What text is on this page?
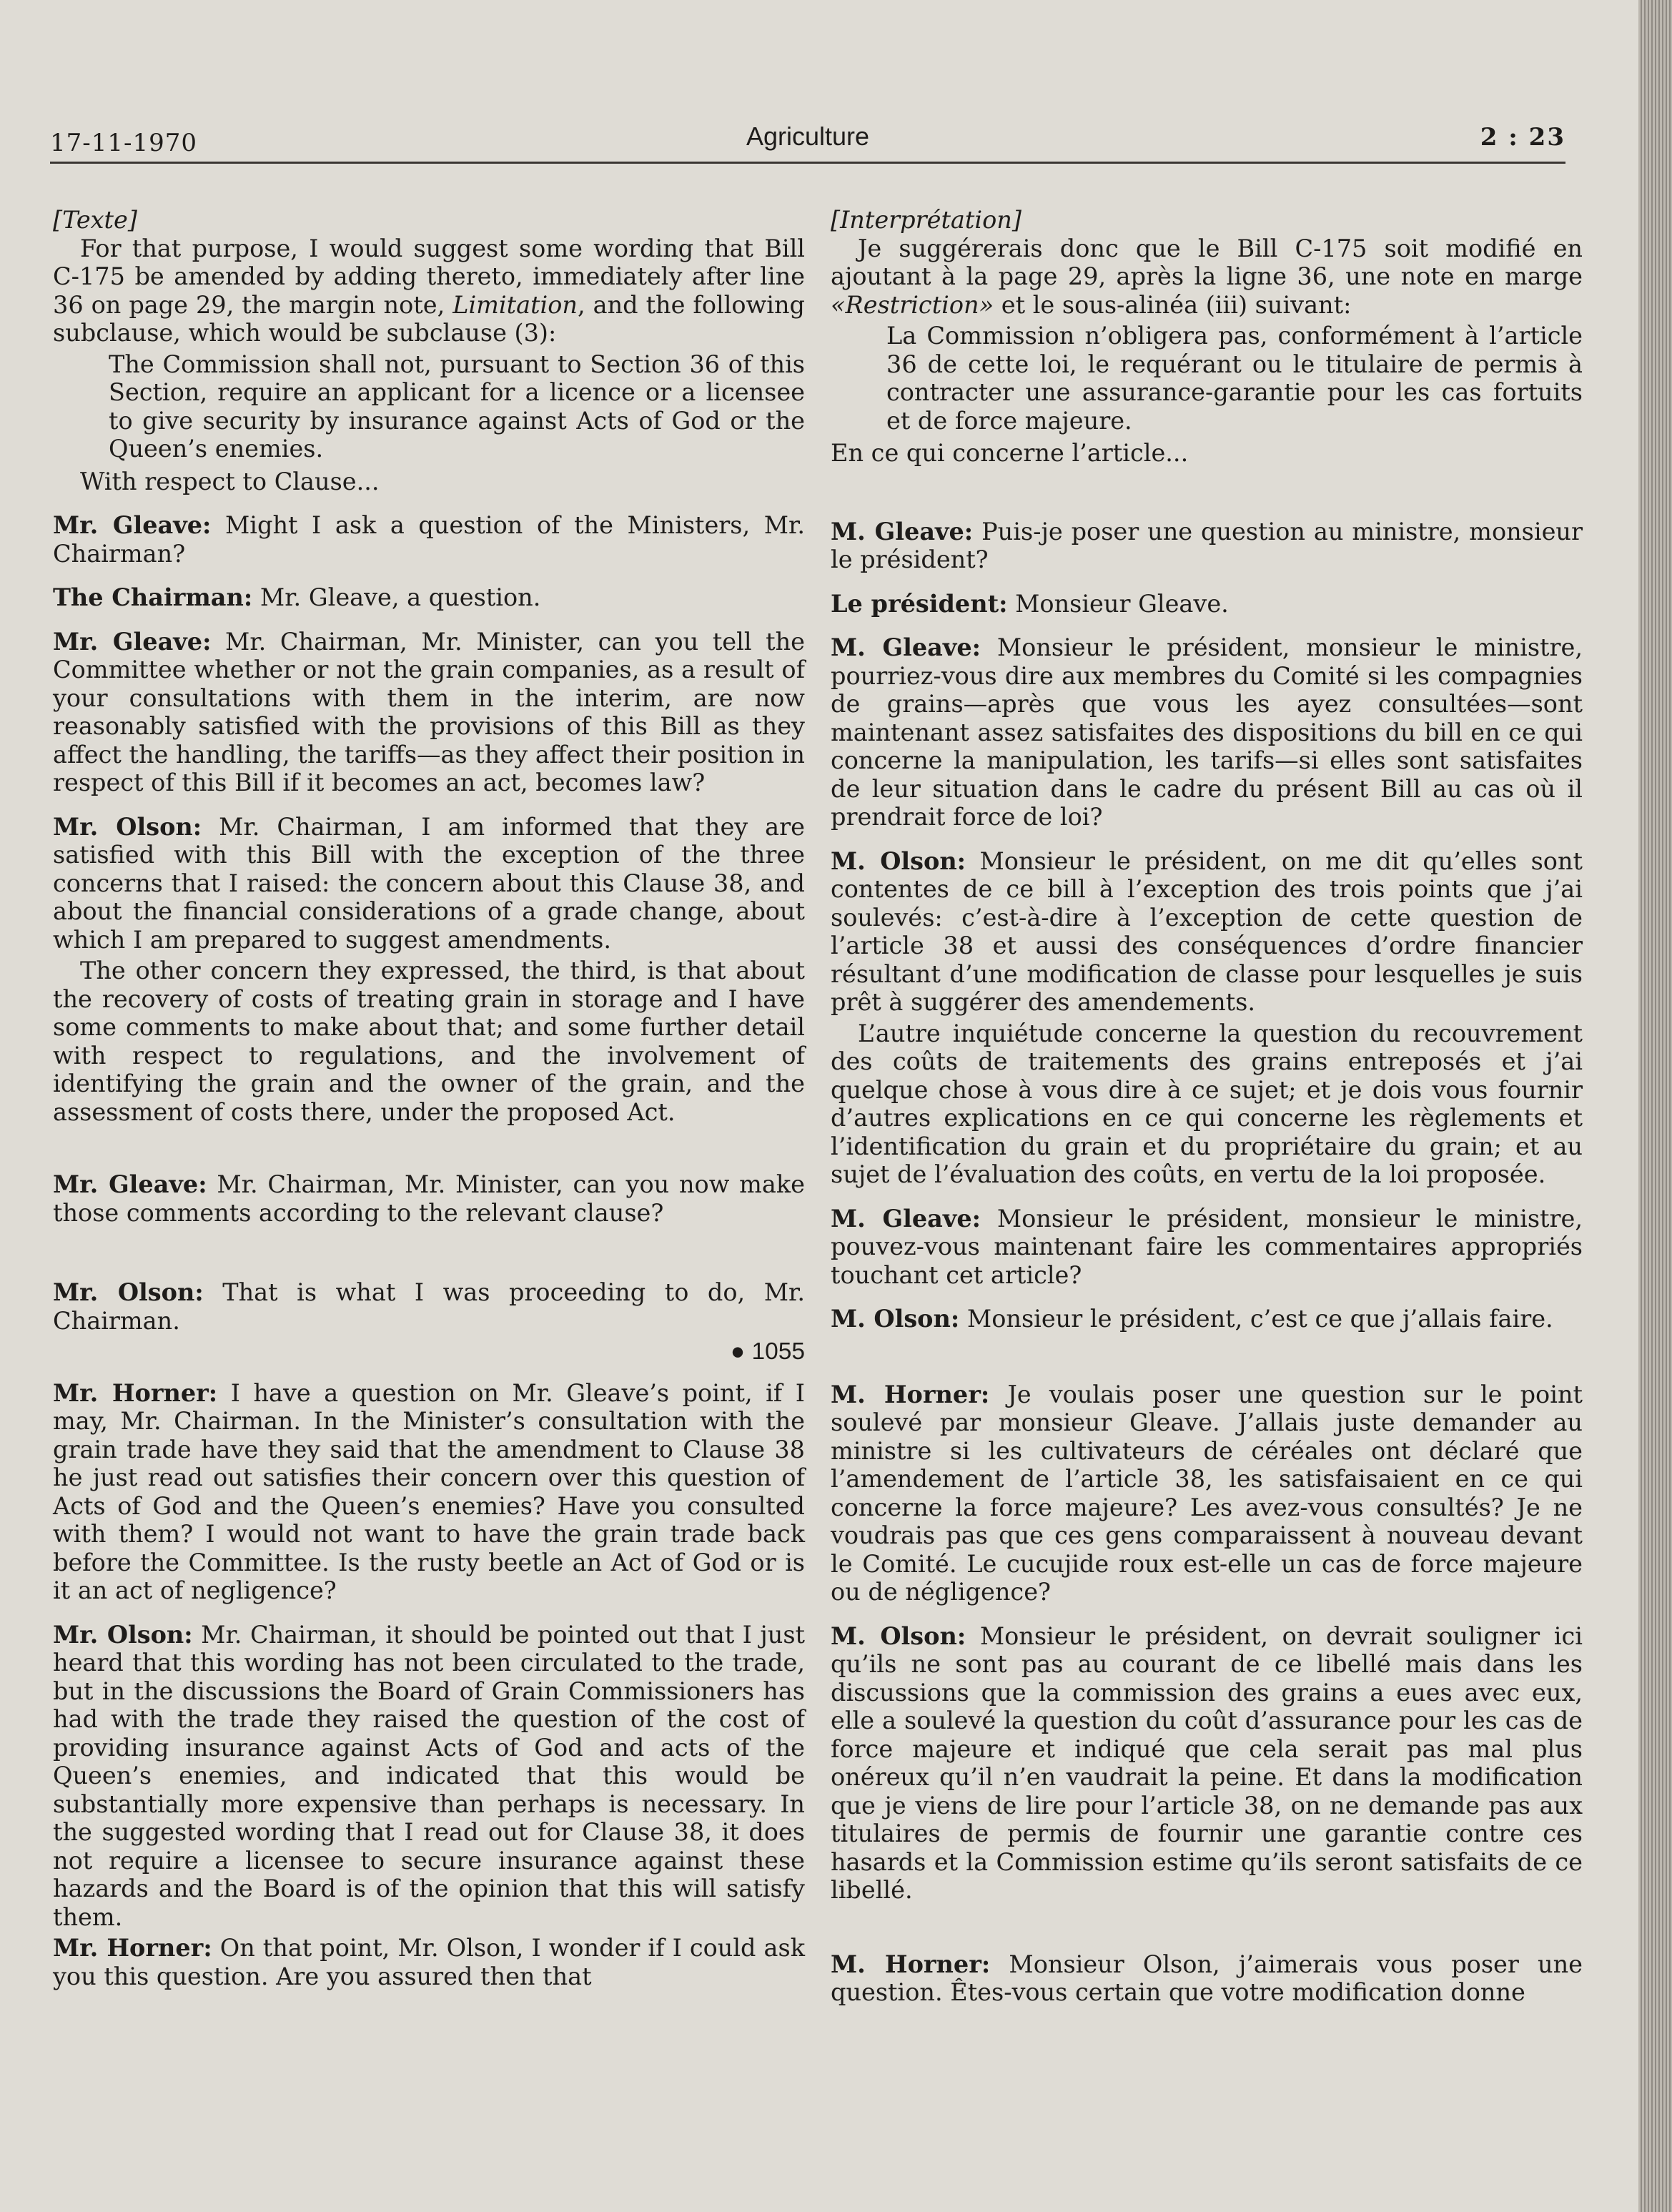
17-11-1970	Agriculture	2 : 23

[Texte]

For that purpose, I would suggest some wording that Bill C-175 be amended by adding thereto, immediately after line 36 on page 29, the margin note, Limitation, and the following subclause, which would be subclause (3):

The Commission shall not, pursuant to Section 36 of this Section, require an applicant for a licence or a licensee to give security by insurance against Acts of God or the Queen’s enemies.

With respect to Clause...

Mr. Gleave: Might I ask a question of the Ministers, Mr. Chairman?

The Chairman: Mr. Gleave, a question.

Mr. Gleave: Mr. Chairman, Mr. Minister, can you tell the Committee whether or not the grain companies, as a result of your consultations with them in the interim, are now reasonably satisfied with the provisions of this Bill as they affect the handling, the tariffs—as they affect their position in respect of this Bill if it becomes an act, becomes law?

Mr. Olson: Mr. Chairman, I am informed that they are satisfied with this Bill with the exception of the three concerns that I raised: the concern about this Clause 38, and about the financial considerations of a grade change, about which I am prepared to suggest amendments.

The other concern they expressed, the third, is that about the recovery of costs of treating grain in storage and I have some comments to make about that; and some further detail with respect to regulations, and the involvement of identifying the grain and the owner of the grain, and the assessment of costs there, under the proposed Act.

Mr. Gleave: Mr. Chairman, Mr. Minister, can you now make those comments according to the relevant clause?

Mr. Olson: That is what I was proceeding to do, Mr. Chairman.

● 1055

Mr. Horner: I have a question on Mr. Gleave’s point, if I may, Mr. Chairman. In the Minister’s consultation with the grain trade have they said that the amendment to Clause 38 he just read out satisfies their concern over this question of Acts of God and the Queen’s enemies? Have you consulted with them? I would not want to have the grain trade back before the Committee. Is the rusty beetle an Act of God or is it an act of negligence?

Mr. Olson: Mr. Chairman, it should be pointed out that I just heard that this wording has not been circulated to the trade, but in the discussions the Board of Grain Commissioners has had with the trade they raised the question of the cost of providing insurance against Acts of God and acts of the Queen’s enemies, and indicated that this would be substantially more expensive than perhaps is necessary. In the suggested wording that I read out for Clause 38, it does not require a licensee to secure insurance against these hazards and the Board is of the opinion that this will satisfy them.

Mr. Horner: On that point, Mr. Olson, I wonder if I could ask you this question. Are you assured then that

[Interprétation]

Je suggérerais donc que le Bill C-175 soit modifié en ajoutant à la page 29, après la ligne 36, une note en marge «Restriction» et le sous-alinéa (iii) suivant:

La Commission n’obligera pas, conformément à l’article 36 de cette loi, le requérant ou le titulaire de permis à contracter une assurance-garantie pour les cas fortuits et de force majeure.

En ce qui concerne l’article...

M. Gleave: Puis-je poser une question au ministre, monsieur le président?

Le président: Monsieur Gleave.

M. Gleave: Monsieur le président, monsieur le ministre, pourriez-vous dire aux membres du Comité si les compagnies de grains—après que vous les ayez consultées—sont maintenant assez satisfaites des dispositions du bill en ce qui concerne la manipulation, les tarifs—si elles sont satisfaites de leur situation dans le cadre du présent Bill au cas où il prendrait force de loi?

M. Olson: Monsieur le président, on me dit qu’elles sont contentes de ce bill à l’exception des trois points que j’ai soulevés: c’est-à-dire à l’exception de cette question de l’article 38 et aussi des conséquences d’ordre financier résultant d’une modification de classe pour lesquelles je suis prêt à suggérer des amendements.

L’autre inquiétude concerne la question du recouvrement des coûts de traitements des grains entreposés et j’ai quelque chose à vous dire à ce sujet; et je dois vous fournir d’autres explications en ce qui concerne les règlements et l’identification du grain et du propriétaire du grain; et au sujet de l’évaluation des coûts, en vertu de la loi proposée.

M. Gleave: Monsieur le président, monsieur le ministre, pouvez-vous maintenant faire les commentaires appropriés touchant cet article?

M. Olson: Monsieur le président, c’est ce que j’allais faire.

M. Horner: Je voulais poser une question sur le point soulevé par monsieur Gleave. J’allais juste demander au ministre si les cultivateurs de céréales ont déclaré que l’amendement de l’article 38, les satisfaisaient en ce qui concerne la force majeure? Les avez-vous consultés? Je ne voudrais pas que ces gens comparaissent à nouveau devant le Comité. Le cucujide roux est-elle un cas de force majeure ou de négligence?

M. Olson: Monsieur le président, on devrait souligner ici qu’ils ne sont pas au courant de ce libellé mais dans les discussions que la commission des grains a eues avec eux, elle a soulevé la question du coût d’assurance pour les cas de force majeure et indiqué que cela serait pas mal plus onéreux qu’il n’en vaudrait la peine. Et dans la modification que je viens de lire pour l’article 38, on ne demande pas aux titulaires de permis de fournir une garantie contre ces hasards et la Commission estime qu’ils seront satisfaits de ce libellé.

M. Horner: Monsieur Olson, j’aimerais vous poser une question. Êtes-vous certain que votre modification donne
